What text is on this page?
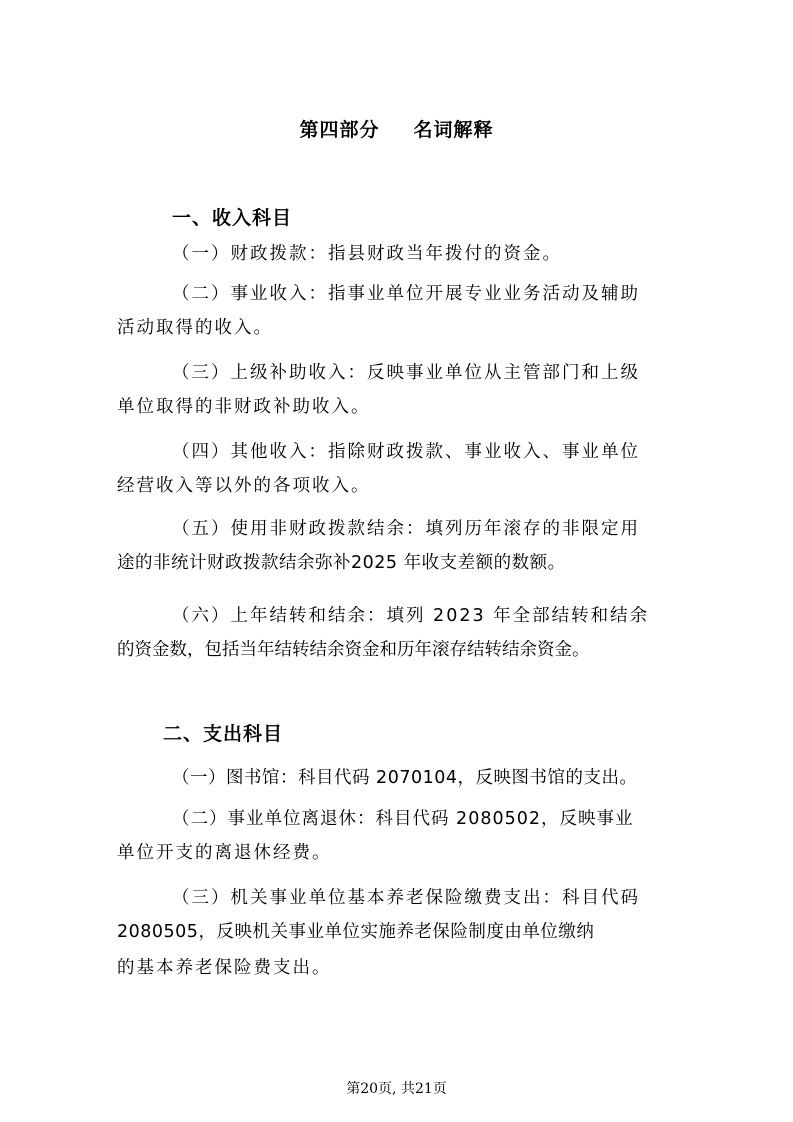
第四部分 名词解释
一、收入科目
（一）财政拨款：指县财政当年拨付的资金。
（二）事业收入：指事业单位开展专业业务活动及辅助
活动取得的收入。
（三）上级补助收入：反映事业单位从主管部门和上级
单位取得的非财政补助收入。
（四）其他收入：指除财政拨款、事业收入、事业单位
经营收入等以外的各项收入。
（五）使用非财政拨款结余：填列历年滚存的非限定用
途的非统计财政拨款结余弥补2025 年收支差额的数额。
（六）上年结转和结余：填列 2023 年全部结转和结余
的资金数，包括当年结转结余资金和历年滚存结转结余资金。
二、支出科目
（一）图书馆：科目代码 2070104，反映图书馆的支出。
（二）事业单位离退休：科目代码 2080502，反映事业
单位开支的离退休经费。
（三）机关事业单位基本养老保险缴费支出：科目代码
2080505，反映机关事业单位实施养老保险制度由单位缴纳
的基本养老保险费支出。
第20页, 共21页
